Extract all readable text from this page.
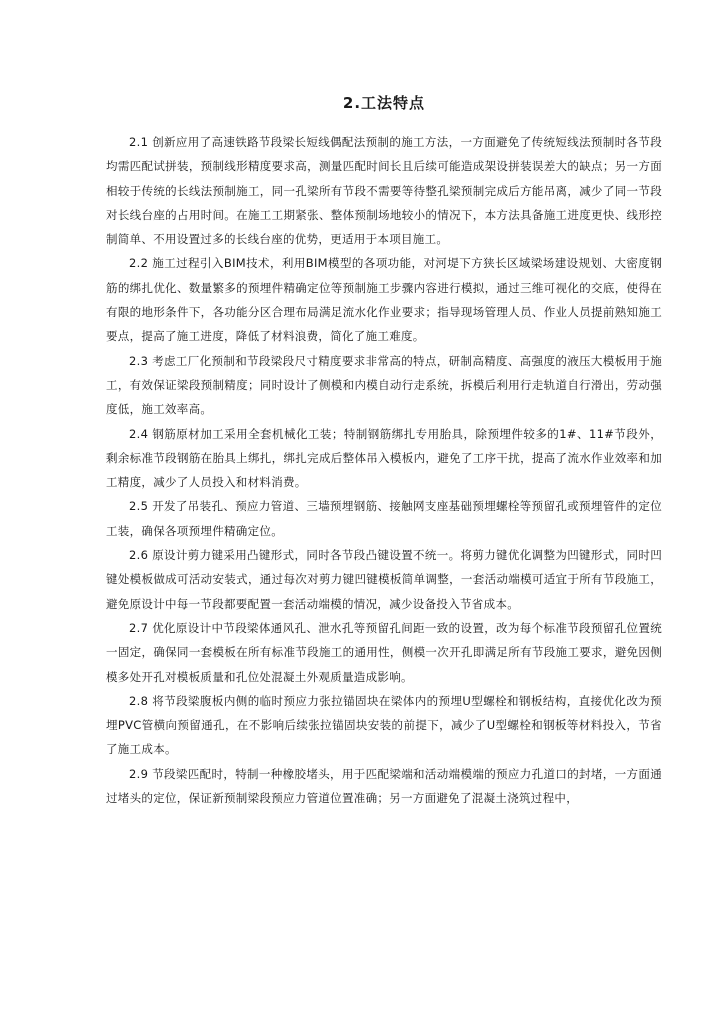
2.工法特点

2.1 创新应用了高速铁路节段梁长短线偶配法预制的施工方法，一方面避免了传统短线法预制时各节段均需匹配试拼装，预制线形精度要求高，测量匹配时间长且后续可能造成架设拼装误差大的缺点；另一方面相较于传统的长线法预制施工，同一孔梁所有节段不需要等待整孔梁预制完成后方能吊离，减少了同一节段对长线台座的占用时间。在施工工期紧张、整体预制场地较小的情况下，本方法具备施工进度更快、线形控制简单、不用设置过多的长线台座的优势，更适用于本项目施工。

2.2 施工过程引入BIM技术，利用BIM模型的各项功能，对河堤下方狭长区域梁场建设规划、大密度钢筋的绑扎优化、数量繁多的预埋件精确定位等预制施工步骤内容进行模拟，通过三维可视化的交底，使得在有限的地形条件下，各功能分区合理布局满足流水化作业要求；指导现场管理人员、作业人员提前熟知施工要点，提高了施工进度，降低了材料浪费，简化了施工难度。

2.3 考虑工厂化预制和节段梁段尺寸精度要求非常高的特点，研制高精度、高强度的液压大模板用于施工，有效保证梁段预制精度；同时设计了侧模和内模自动行走系统，拆模后利用行走轨道自行滑出，劳动强度低，施工效率高。

2.4 钢筋原材加工采用全套机械化工装；特制钢筋绑扎专用胎具，除预埋件较多的1#、11#节段外，剩余标准节段钢筋在胎具上绑扎，绑扎完成后整体吊入模板内，避免了工序干扰，提高了流水作业效率和加工精度，减少了人员投入和材料消费。

2.5 开发了吊装孔、预应力管道、三墙预埋钢筋、接触网支座基础预埋螺栓等预留孔或预埋管件的定位工装，确保各项预埋件精确定位。

2.6 原设计剪力键采用凸键形式，同时各节段凸键设置不统一。将剪力键优化调整为凹键形式，同时凹键处模板做成可活动安装式，通过每次对剪力键凹键模板简单调整，一套活动端模可适宜于所有节段施工，避免原设计中每一节段都要配置一套活动端模的情况，减少设备投入节省成本。

2.7 优化原设计中节段梁体通风孔、泄水孔等预留孔间距一致的设置，改为每个标准节段预留孔位置统一固定，确保同一套模板在所有标准节段施工的通用性，侧模一次开孔即满足所有节段施工要求，避免因侧模多处开孔对模板质量和孔位处混凝土外观质量造成影响。

2.8 将节段梁腹板内侧的临时预应力张拉锚固块在梁体内的预埋U型螺栓和钢板结构，直接优化改为预埋PVC管横向预留通孔，在不影响后续张拉锚固块安装的前提下，减少了U型螺栓和钢板等材料投入，节省了施工成本。

2.9 节段梁匹配时，特制一种橡胶堵头，用于匹配梁端和活动端模端的预应力孔道口的封堵，一方面通过堵头的定位，保证新预制梁段预应力管道位置准确；另一方面避免了混凝土浇筑过程中，
